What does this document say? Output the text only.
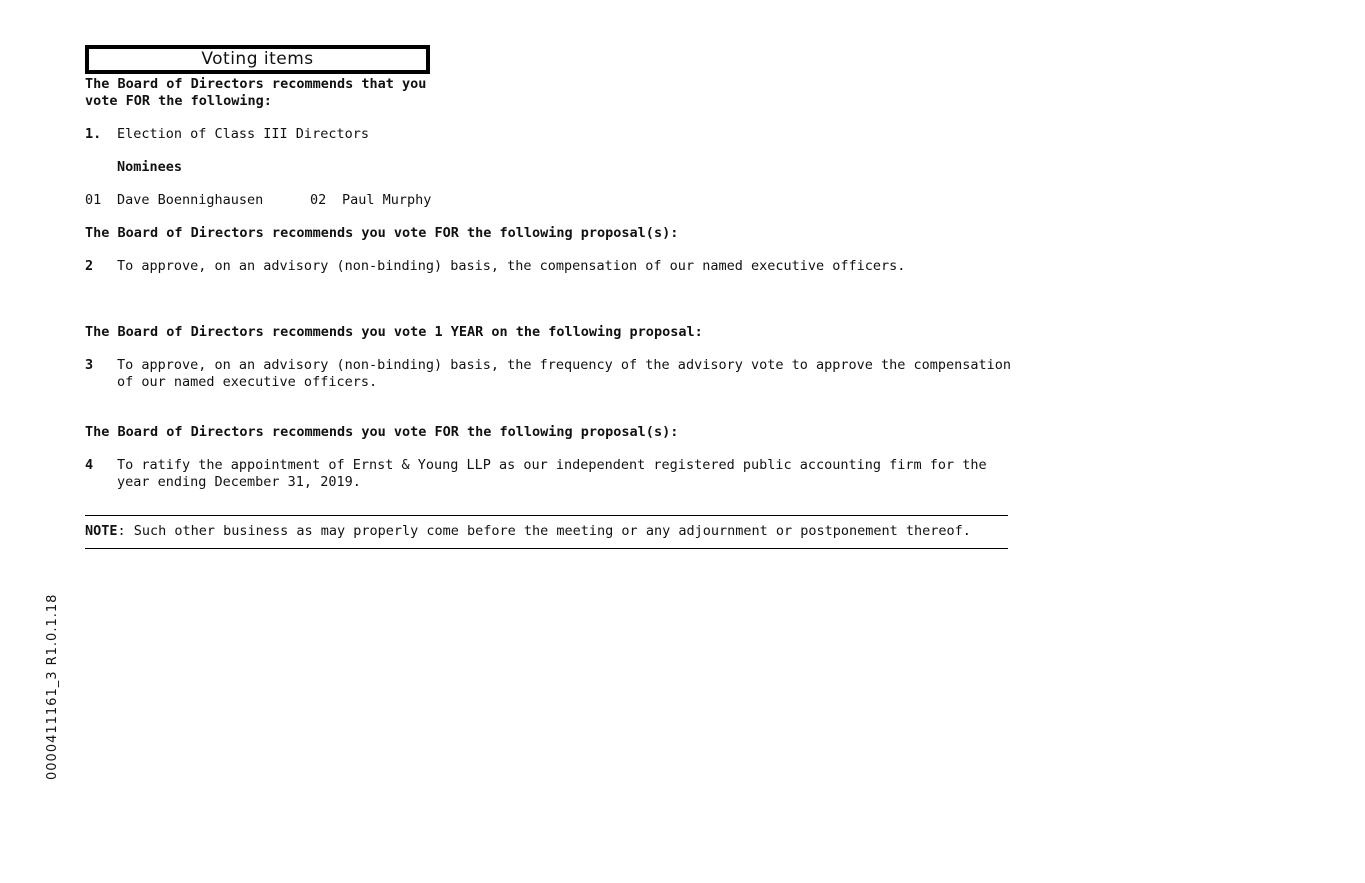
Voting items
The Board of Directors recommends that you
vote FOR the following:
1. Election of Class III Directors
Nominees
01 Dave Boennighausen	02 Paul Murphy
The Board of Directors recommends you vote FOR the following proposal(s):
2 To approve, on an advisory (non-binding) basis, the compensation of our named executive officers.
The Board of Directors recommends you vote 1 YEAR on the following proposal:
3 To approve, on an advisory (non-binding) basis, the frequency of the advisory vote to approve the compensation
of our named executive officers.
The Board of Directors recommends you vote FOR the following proposal(s):
4 To ratify the appointment of Ernst & Young LLP as our independent registered public accounting firm for the
year ending December 31, 2019.
NOTE: Such other business as may properly come before the meeting or any adjournment or postponement thereof.
0000411161_3 R1.0.1.18
